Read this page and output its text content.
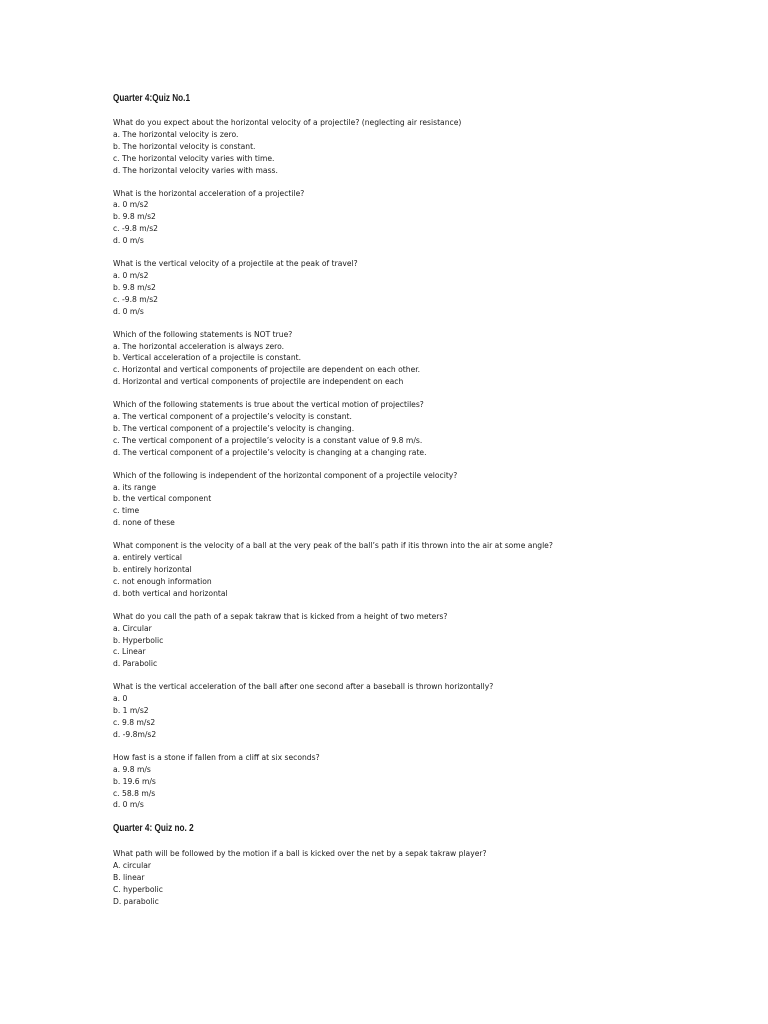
Quarter 4:Quiz No.1
What do you expect about the horizontal velocity of a projectile? (neglecting air resistance)
a. The horizontal velocity is zero.
b. The horizontal velocity is constant.
c. The horizontal velocity varies with time.
d. The horizontal velocity varies with mass.
What is the horizontal acceleration of a projectile?
a. 0 m/s2
b. 9.8 m/s2
c. -9.8 m/s2
d. 0 m/s
What is the vertical velocity of a projectile at the peak of travel?
a. 0 m/s2
b. 9.8 m/s2
c. -9.8 m/s2
d. 0 m/s
Which of the following statements is NOT true?
a. The horizontal acceleration is always zero.
b. Vertical acceleration of a projectile is constant.
c. Horizontal and vertical components of projectile are dependent on each other.
d. Horizontal and vertical components of projectile are independent on each
Which of the following statements is true about the vertical motion of projectiles?
a. The vertical component of a projectile’s velocity is constant.
b. The vertical component of a projectile’s velocity is changing.
c. The vertical component of a projectile’s velocity is a constant value of 9.8 m/s.
d. The vertical component of a projectile’s velocity is changing at a changing rate.
Which of the following is independent of the horizontal component of a projectile velocity?
a. its range
b. the vertical component
c. time
d. none of these
What component is the velocity of a ball at the very peak of the ball’s path if itis thrown into the air at some angle?
a. entirely vertical
b. entirely horizontal
c. not enough information
d. both vertical and horizontal
What do you call the path of a sepak takraw that is kicked from a height of two meters?
a. Circular
b. Hyperbolic
c. Linear
d. Parabolic
What is the vertical acceleration of the ball after one second after a baseball is thrown horizontally?
a. 0
b. 1 m/s2
c. 9.8 m/s2
d. -9.8m/s2
How fast is a stone if fallen from a cliff at six seconds?
a. 9.8 m/s
b. 19.6 m/s
c. 58.8 m/s
d. 0 m/s
Quarter 4: Quiz no. 2
What path will be followed by the motion if a ball is kicked over the net by a sepak takraw player?
A. circular
B. linear
C. hyperbolic
D. parabolic
